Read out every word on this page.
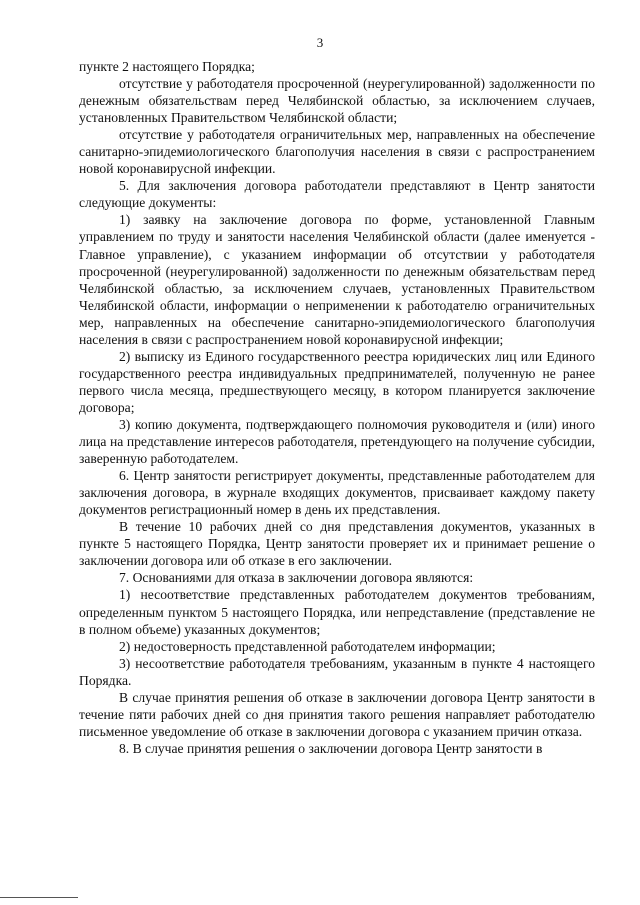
3

пункте 2 настоящего Порядка;

отсутствие у работодателя просроченной (неурегулированной) задолженности по денежным обязательствам перед Челябинской областью, за исключением случаев, установленных Правительством Челябинской области;

отсутствие у работодателя ограничительных мер, направленных на обеспечение санитарно-эпидемиологического благополучия населения в связи с распространением новой коронавирусной инфекции.

5. Для заключения договора работодатели представляют в Центр занятости следующие документы:

1) заявку на заключение договора по форме, установленной Главным управлением по труду и занятости населения Челябинской области (далее именуется - Главное управление), с указанием информации об отсутствии у работодателя просроченной (неурегулированной) задолженности по денежным обязательствам перед Челябинской областью, за исключением случаев, установленных Правительством Челябинской области, информации о неприменении к работодателю ограничительных мер, направленных на обеспечение санитарно-эпидемиологического благополучия населения в связи с распространением новой коронавирусной инфекции;

2) выписку из Единого государственного реестра юридических лиц или Единого государственного реестра индивидуальных предпринимателей, полученную не ранее первого числа месяца, предшествующего месяцу, в котором планируется заключение договора;

3) копию документа, подтверждающего полномочия руководителя и (или) иного лица на представление интересов работодателя, претендующего на получение субсидии, заверенную работодателем.

6. Центр занятости регистрирует документы, представленные работодателем для заключения договора, в журнале входящих документов, присваивает каждому пакету документов регистрационный номер в день их представления.

В течение 10 рабочих дней со дня представления документов, указанных в пункте 5 настоящего Порядка, Центр занятости проверяет их и принимает решение о заключении договора или об отказе в его заключении.

7. Основаниями для отказа в заключении договора являются:

1) несоответствие представленных работодателем документов требованиям, определенным пунктом 5 настоящего Порядка, или непредставление (представление не в полном объеме) указанных документов;

2) недостоверность представленной работодателем информации;

3) несоответствие работодателя требованиям, указанным в пункте 4 настоящего Порядка.

В случае принятия решения об отказе в заключении договора Центр занятости в течение пяти рабочих дней со дня принятия такого решения направляет работодателю письменное уведомление об отказе в заключении договора с указанием причин отказа.

8. В случае принятия решения о заключении договора Центр занятости в
